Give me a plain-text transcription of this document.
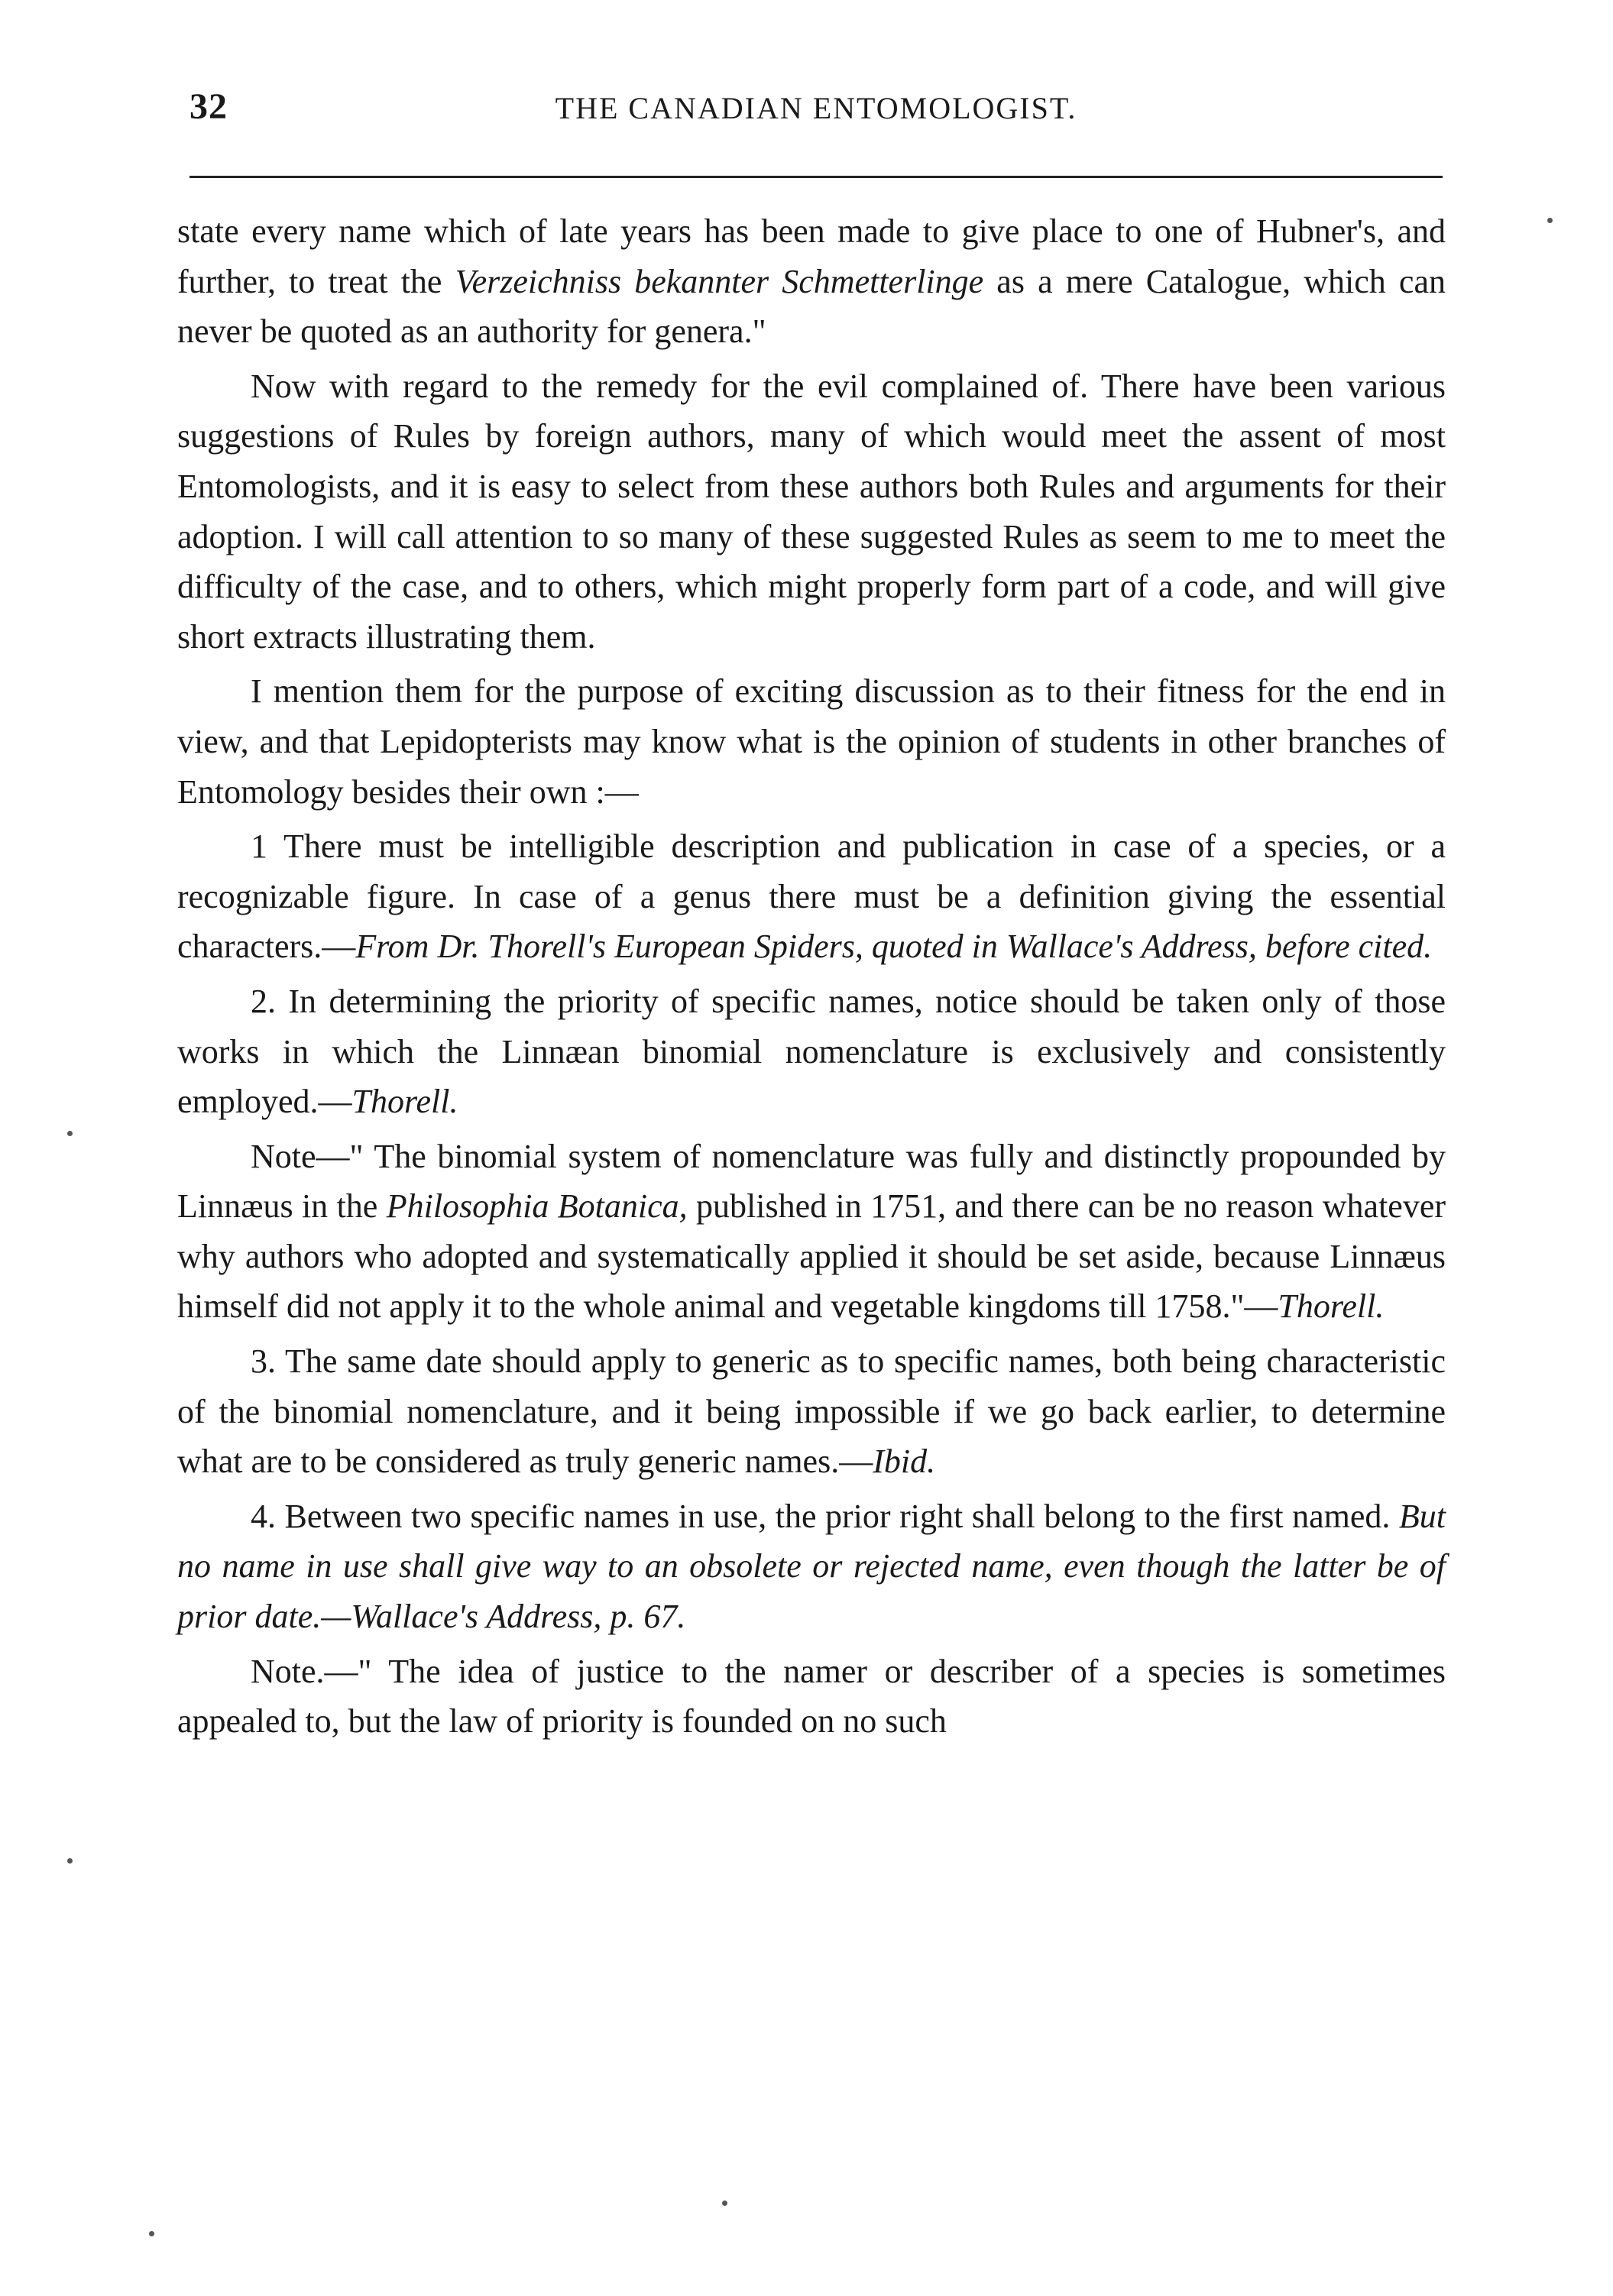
32	THE CANADIAN ENTOMOLOGIST.

state every name which of late years has been made to give place to one of Hubner's, and further, to treat the Verzeichniss bekannter Schmetterlinge as a mere Catalogue, which can never be quoted as an authority for genera."

Now with regard to the remedy for the evil complained of. There have been various suggestions of Rules by foreign authors, many of which would meet the assent of most Entomologists, and it is easy to select from these authors both Rules and arguments for their adoption. I will call attention to so many of these suggested Rules as seem to me to meet the difficulty of the case, and to others, which might properly form part of a code, and will give short extracts illustrating them.

I mention them for the purpose of exciting discussion as to their fitness for the end in view, and that Lepidopterists may know what is the opinion of students in other branches of Entomology besides their own :—

1 There must be intelligible description and publication in case of a species, or a recognizable figure. In case of a genus there must be a definition giving the essential characters.—From Dr. Thorell's European Spiders, quoted in Wallace's Address, before cited.

2. In determining the priority of specific names, notice should be taken only of those works in which the Linnæan binomial nomenclature is exclusively and consistently employed.—Thorell.

Note—" The binomial system of nomenclature was fully and distinctly propounded by Linnæus in the Philosophia Botanica, published in 1751, and there can be no reason whatever why authors who adopted and systematically applied it should be set aside, because Linnæus himself did not apply it to the whole animal and vegetable kingdoms till 1758."—Thorell.

3. The same date should apply to generic as to specific names, both being characteristic of the binomial nomenclature, and it being impossible if we go back earlier, to determine what are to be considered as truly generic names.—Ibid.

4. Between two specific names in use, the prior right shall belong to the first named. But no name in use shall give way to an obsolete or rejected name, even though the latter be of prior date.—Wallace's Address, p. 67.

Note.—" The idea of justice to the namer or describer of a species is sometimes appealed to, but the law of priority is founded on no such
